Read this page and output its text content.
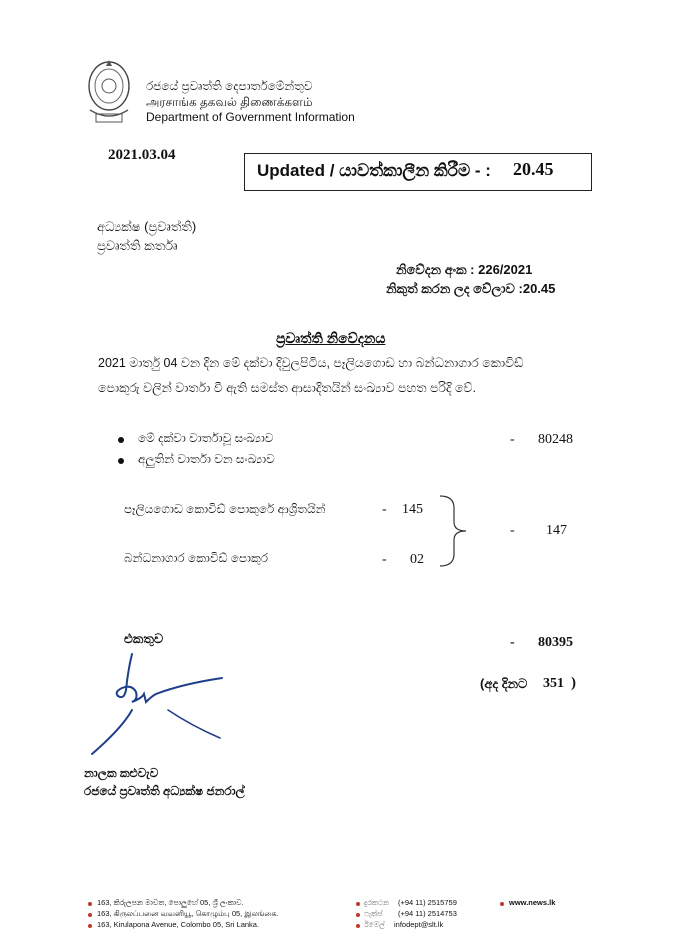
රජයේ ප්‍රවෘත්ති දෙපාර්තමේන්තුව
அரசாங்க தகவல் திணைக்களம்
Department of Government Information
2021.03.04
Updated / යාවත්කාලීන කිරීම - : 20.45
අධ්‍යක්ෂ (ප්‍රවෘත්ති)
ප්‍රවෘත්ති කර්තෘ
නිවේදන අංක : 226/2021
නිකුත් කරන ලද වේලාව :20.45
ප්‍රවෘත්ති නිවේදනය
2021 මාර්තු 04 වන දින මේ දක්වා දිවුලපිටිය, පෑලියගොඩ හා බන්ධනාගාර කොවිඩ්
පොකුරු වලින් වාර්තා වී ඇති සමස්ත ආසාදිතයින් සංඛ්‍යාව පහත පරිදි වේ.
මේ දක්වා වාර්තාවූ සංඛ්‍යාව	- 80248
අලුතින් වාර්තා වන සංඛ්‍යාව
පෑලියගොඩ කොවිඩ් පොකුරේ ආශ්‍රිතයින්	- 145
බන්ධනාගාර කොවිඩ් පොකුර	- 02
- 147
එකතුව	- 80395
(අද දිනට 351 )
නාලක කළුවැව
රජයේ ප්‍රවෘත්ති අධ්‍යක්ෂ ජනරාල්
163, කිරුලපන මාවත, පොලුහේ 05, ශ්‍රී ලංකාව.
163, கிருலப்பனை வவனியூ, கொழும்பு 05, இலங்கை.
163, Kirulapona Avenue, Colombo 05, Sri Lanka.
දුරකථන (+94 11) 2515759
ෆැක්ස් (+94 11) 2514753
ඊමේල් infodept@slt.lk
www.news.lk
